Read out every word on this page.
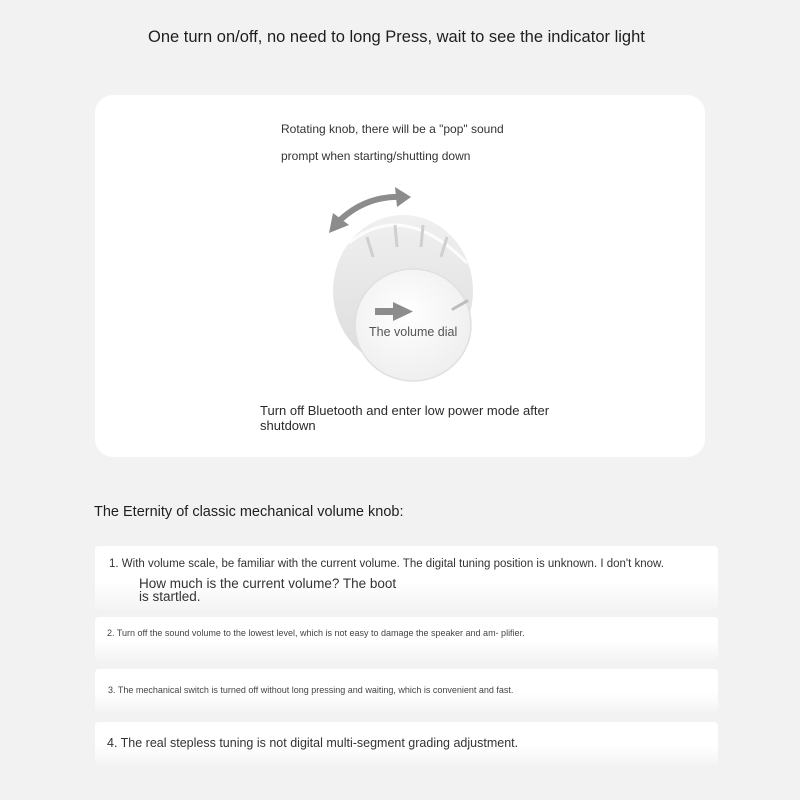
One turn on/off, no need to long Press, wait to see the indicator light

Rotating knob, there will be a "pop" sound

prompt when starting/shutting down

The volume dial

Turn off Bluetooth and enter low power mode after shutdown

The Eternity of classic mechanical volume knob:
1. With volume scale, be familiar with the current volume. The digital tuning position is unknown. I don't know.
How much is the current volume? The boot is startled.
2. Turn off the sound volume to the lowest level, which is not easy to damage the speaker and am- plifier.
3. The mechanical switch is turned off without long pressing and waiting, which is convenient and fast.
4. The real stepless tuning is not digital multi-segment grading adjustment.
